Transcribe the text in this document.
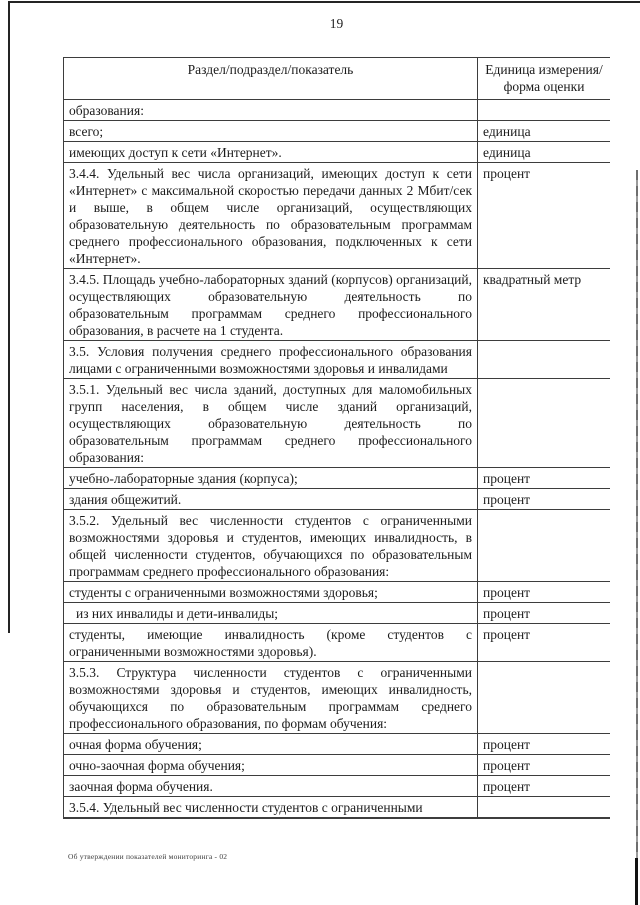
19
Раздел/подраздел/показатель	Единица измерения/ форма оценки
образования:	
всего;	единица
имеющих доступ к сети «Интернет».	единица
3.4.4. Удельный вес числа организаций, имеющих доступ к сети «Интернет» с максимальной скоростью передачи данных 2 Мбит/сек и выше, в общем числе организаций, осуществляющих образовательную деятельность по образовательным программам среднего профессионального образования, подключенных к сети «Интернет».	процент
3.4.5. Площадь учебно-лабораторных зданий (корпусов) организаций, осуществляющих образовательную деятельность по образовательным программам среднего профессионального образования, в расчете на 1 студента.	квадратный метр
3.5. Условия получения среднего профессионального образования лицами с ограниченными возможностями здоровья и инвалидами	
3.5.1. Удельный вес числа зданий, доступных для маломобильных групп населения, в общем числе зданий организаций, осуществляющих образовательную деятельность по образовательным программам среднего профессионального образования:	
учебно-лабораторные здания (корпуса);	процент
здания общежитий.	процент
3.5.2. Удельный вес численности студентов с ограниченными возможностями здоровья и студентов, имеющих инвалидность, в общей численности студентов, обучающихся по образовательным программам среднего профессионального образования:	
студенты с ограниченными возможностями здоровья;	процент
из них инвалиды и дети-инвалиды;	процент
студенты, имеющие инвалидность (кроме студентов с ограниченными возможностями здоровья).	процент
3.5.3. Структура численности студентов с ограниченными возможностями здоровья и студентов, имеющих инвалидность, обучающихся по образовательным программам среднего профессионального образования, по формам обучения:	
очная форма обучения;	процент
очно-заочная форма обучения;	процент
заочная форма обучения.	процент
3.5.4. Удельный вес численности студентов с ограниченными	
Об утверждении показателей мониторинга - 02
